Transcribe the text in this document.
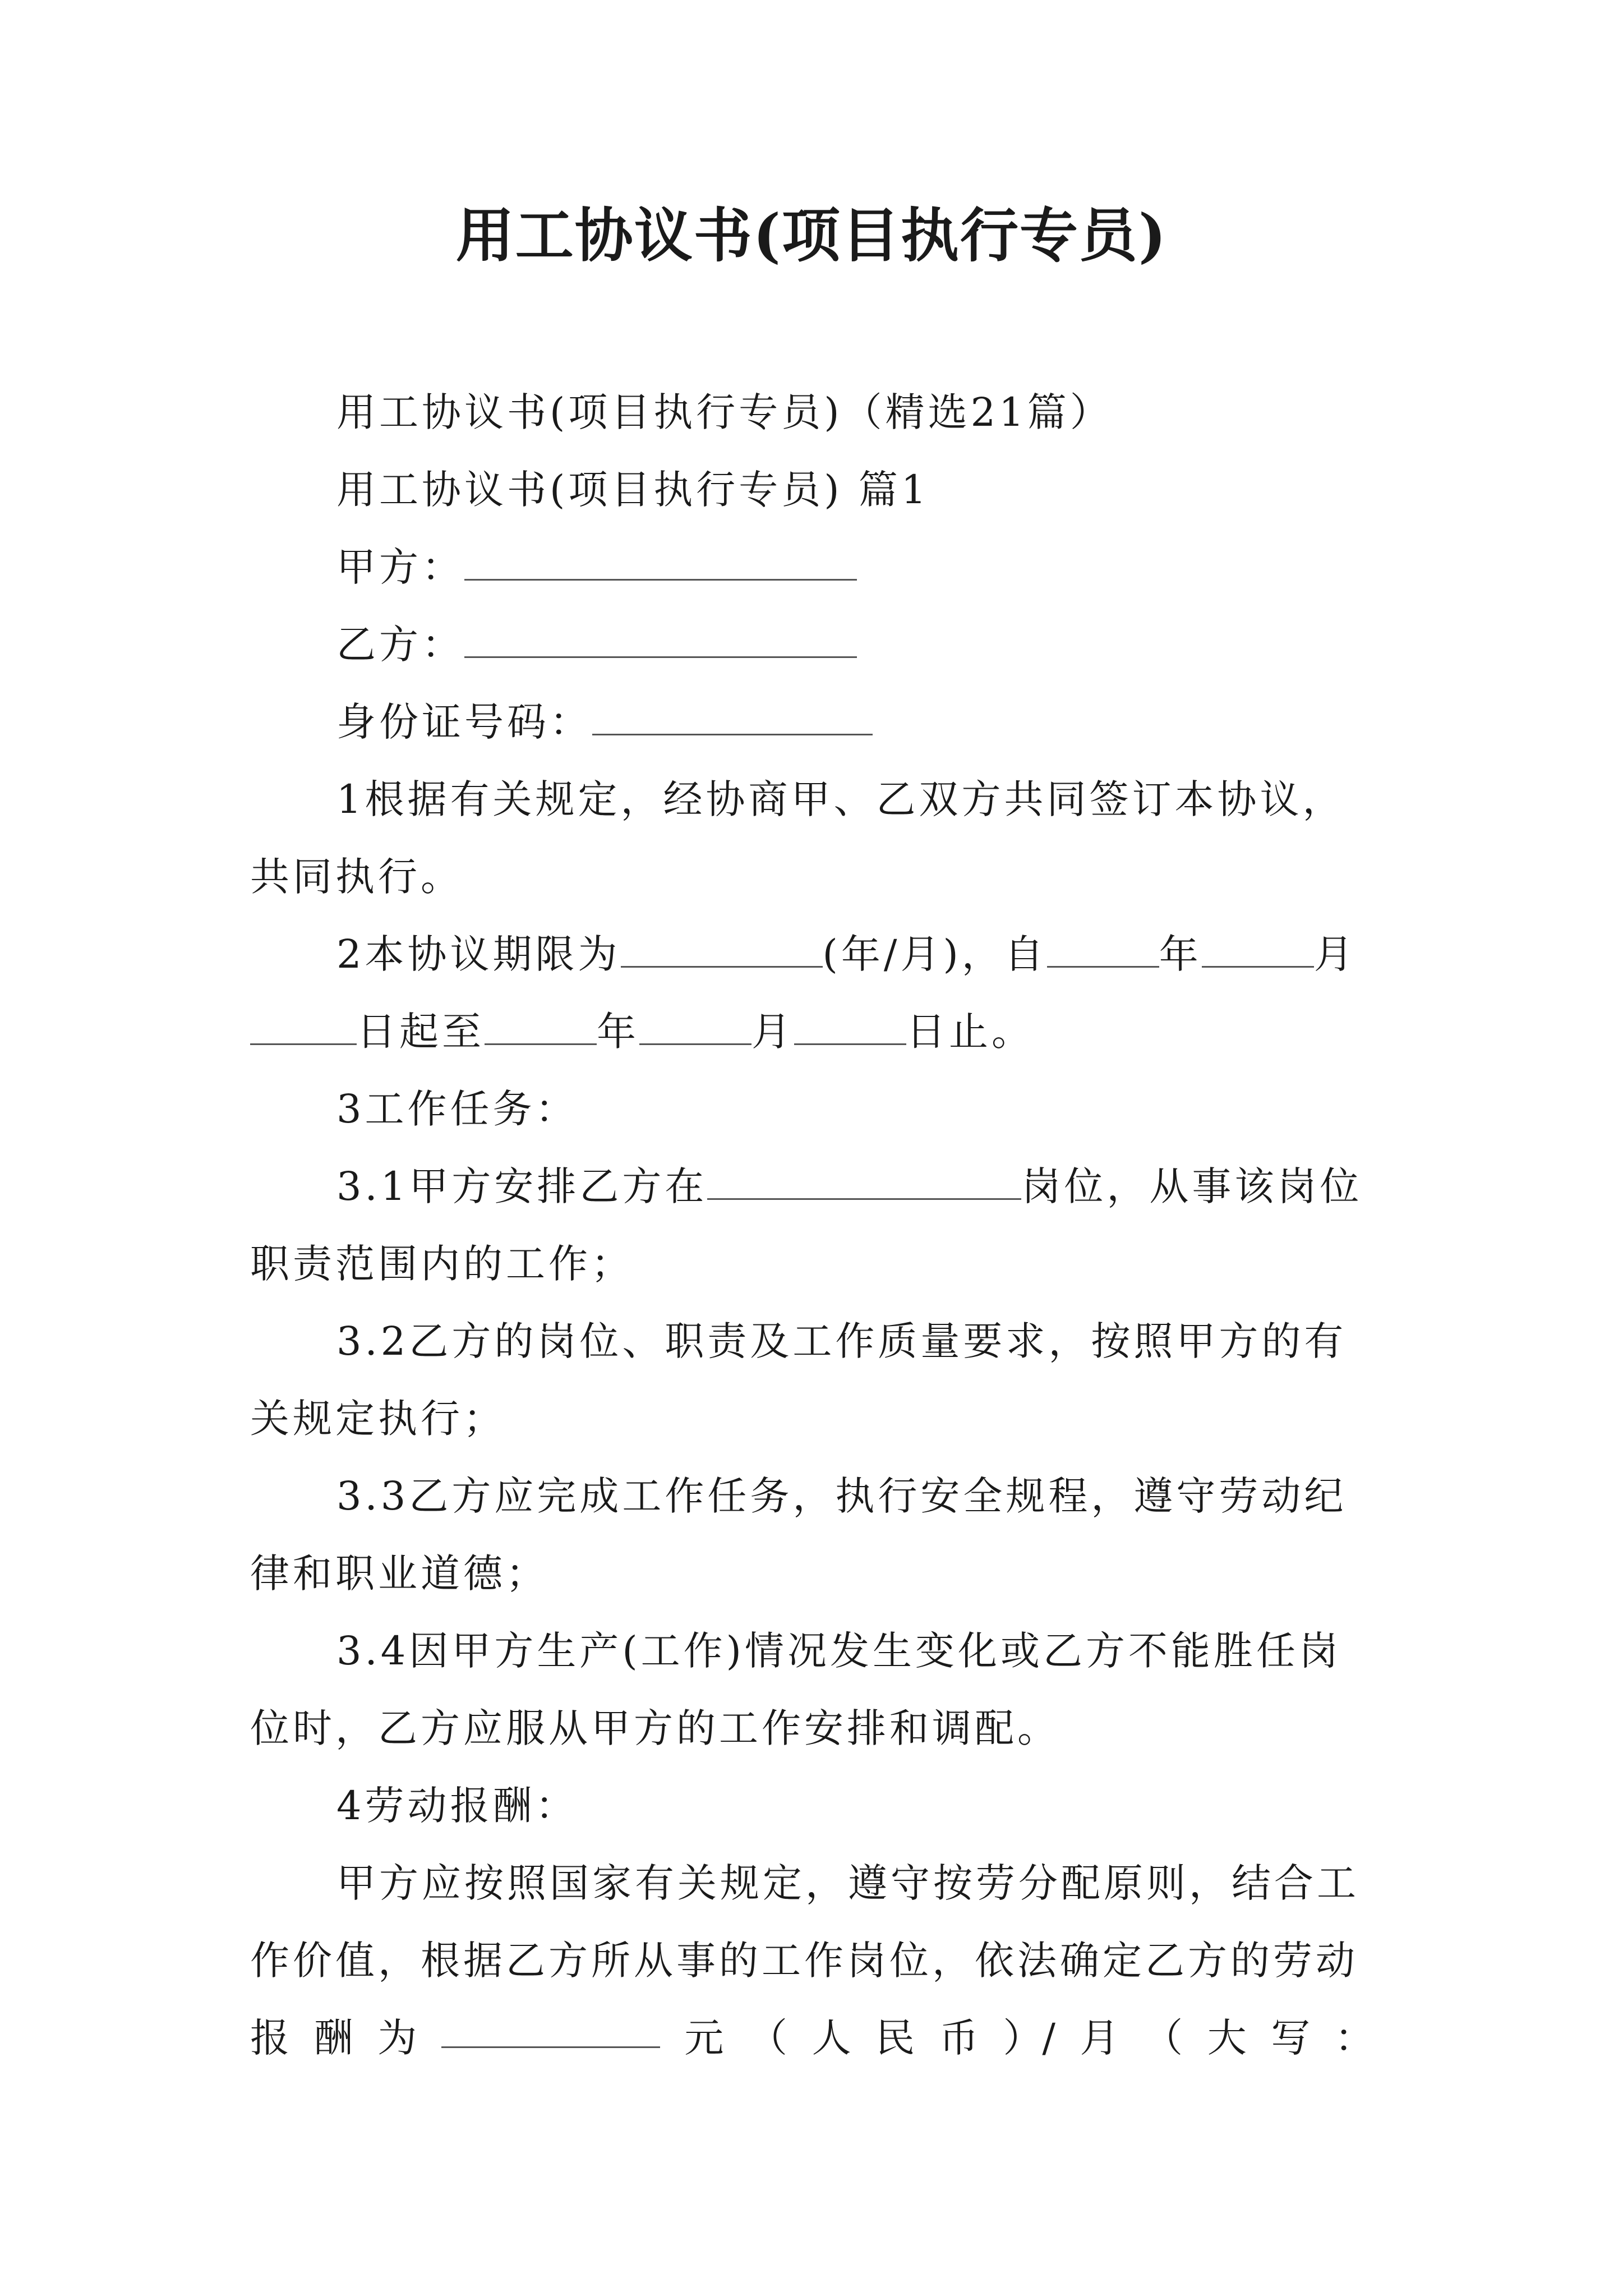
用工协议书(项目执行专员)
用工协议书(项目执行专员)（精选21篇）
用工协议书(项目执行专员) 篇1
甲方：
乙方：
身份证号码：
1根据有关规定，经协商甲、乙双方共同签订本协议，
共同执行。
2本协议期限为	(年/月)，自	年	月
日起至	年	月	日止。
3工作任务：
3.1甲方安排乙方在	岗位，从事该岗位
职责范围内的工作；
3.2乙方的岗位、职责及工作质量要求，按照甲方的有
关规定执行；
3.3乙方应完成工作任务，执行安全规程，遵守劳动纪
律和职业道德；
3.4因甲方生产(工作)情况发生变化或乙方不能胜任岗
位时，乙方应服从甲方的工作安排和调配。
4劳动报酬：
甲方应按照国家有关规定，遵守按劳分配原则，结合工
作价值，根据乙方所从事的工作岗位，依法确定乙方的劳动
报 酬 为	元 （ 人 民 币 ）/ 月 （ 大 写 ：
